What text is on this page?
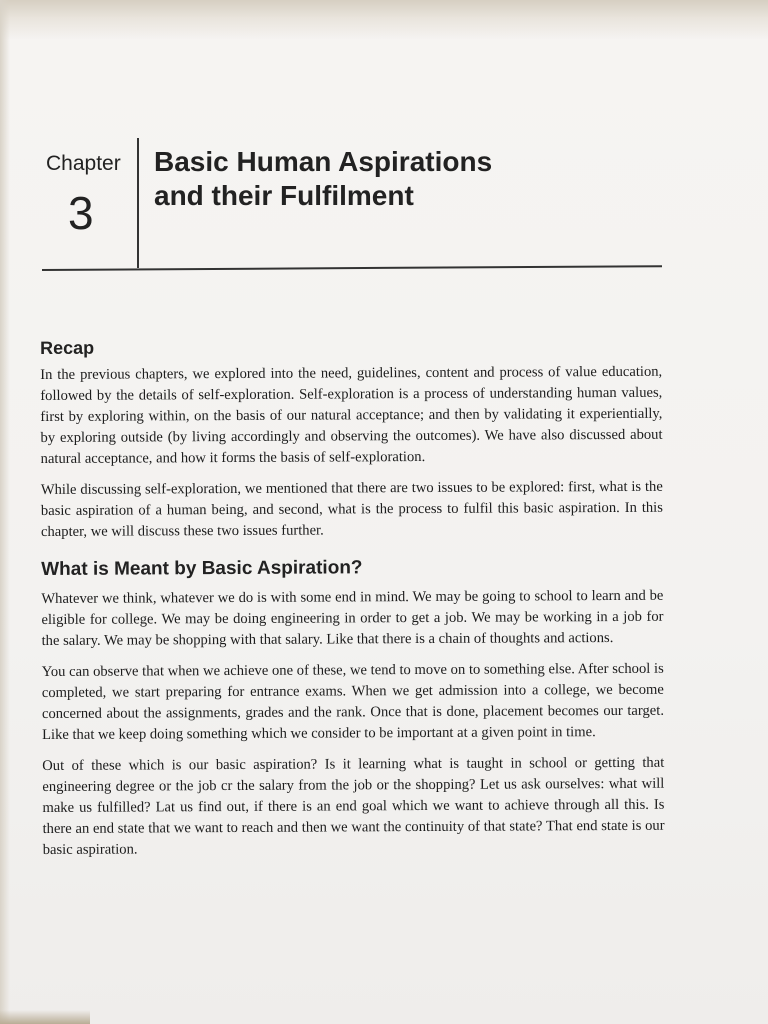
Chapter
3
Basic Human Aspirations
and their Fulfilment
Recap

In the previous chapters, we explored into the need, guidelines, content and process of value education, followed by the details of self-exploration. Self-exploration is a process of understanding human values, first by exploring within, on the basis of our natural acceptance; and then by validating it experientially, by exploring outside (by living accordingly and observing the outcomes). We have also discussed about natural acceptance, and how it forms the basis of self-exploration.

While discussing self-exploration, we mentioned that there are two issues to be explored: first, what is the basic aspiration of a human being, and second, what is the process to fulfil this basic aspiration. In this chapter, we will discuss these two issues further.

What is Meant by Basic Aspiration?

Whatever we think, whatever we do is with some end in mind. We may be going to school to learn and be eligible for college. We may be doing engineering in order to get a job. We may be working in a job for the salary. We may be shopping with that salary. Like that there is a chain of thoughts and actions.

You can observe that when we achieve one of these, we tend to move on to something else. After school is completed, we start preparing for entrance exams. When we get admission into a college, we become concerned about the assignments, grades and the rank. Once that is done, placement becomes our target. Like that we keep doing something which we consider to be important at a given point in time.

Out of these which is our basic aspiration? Is it learning what is taught in school or getting that engineering degree or the job cr the salary from the job or the shopping? Let us ask ourselves: what will make us fulfilled? Lat us find out, if there is an end goal which we want to achieve through all this. Is there an end state that we want to reach and then we want the continuity of that state? That end state is our basic aspiration.
